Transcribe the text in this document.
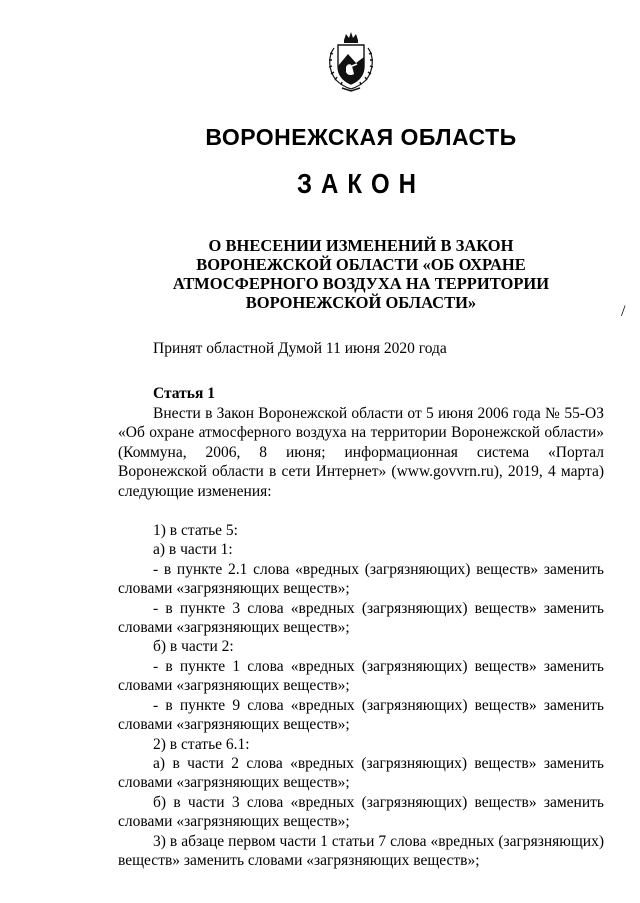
ВОРОНЕЖСКАЯ ОБЛАСТЬ
ЗАКОН
О ВНЕСЕНИИ ИЗМЕНЕНИЙ В ЗАКОН
ВОРОНЕЖСКОЙ ОБЛАСТИ «ОБ ОХРАНЕ
АТМОСФЕРНОГО ВОЗДУХА НА ТЕРРИТОРИИ
ВОРОНЕЖСКОЙ ОБЛАСТИ»	/
Принят областной Думой 11 июня 2020 года
Статья 1

Внести в Закон Воронежской области от 5 июня 2006 года № 55-ОЗ «Об охране атмосферного воздуха на территории Воронежской области» (Коммуна, 2006, 8 июня; информационная система «Портал Воронежской области в сети Интернет» (www.govvrn.ru), 2019, 4 марта) следующие изменения:

1) в статье 5:

а) в части 1:

- в пункте 2.1 слова «вредных (загрязняющих) веществ» заменить словами «загрязняющих веществ»;

- в пункте 3 слова «вредных (загрязняющих) веществ» заменить словами «загрязняющих веществ»;

б) в части 2:

- в пункте 1 слова «вредных (загрязняющих) веществ» заменить словами «загрязняющих веществ»;

- в пункте 9 слова «вредных (загрязняющих) веществ» заменить словами «загрязняющих веществ»;

2) в статье 6.1:

а) в части 2 слова «вредных (загрязняющих) веществ» заменить словами «загрязняющих веществ»;

б) в части 3 слова «вредных (загрязняющих) веществ» заменить словами «загрязняющих веществ»;

3) в абзаце первом части 1 статьи 7 слова «вредных (загрязняющих) веществ» заменить словами «загрязняющих веществ»;
